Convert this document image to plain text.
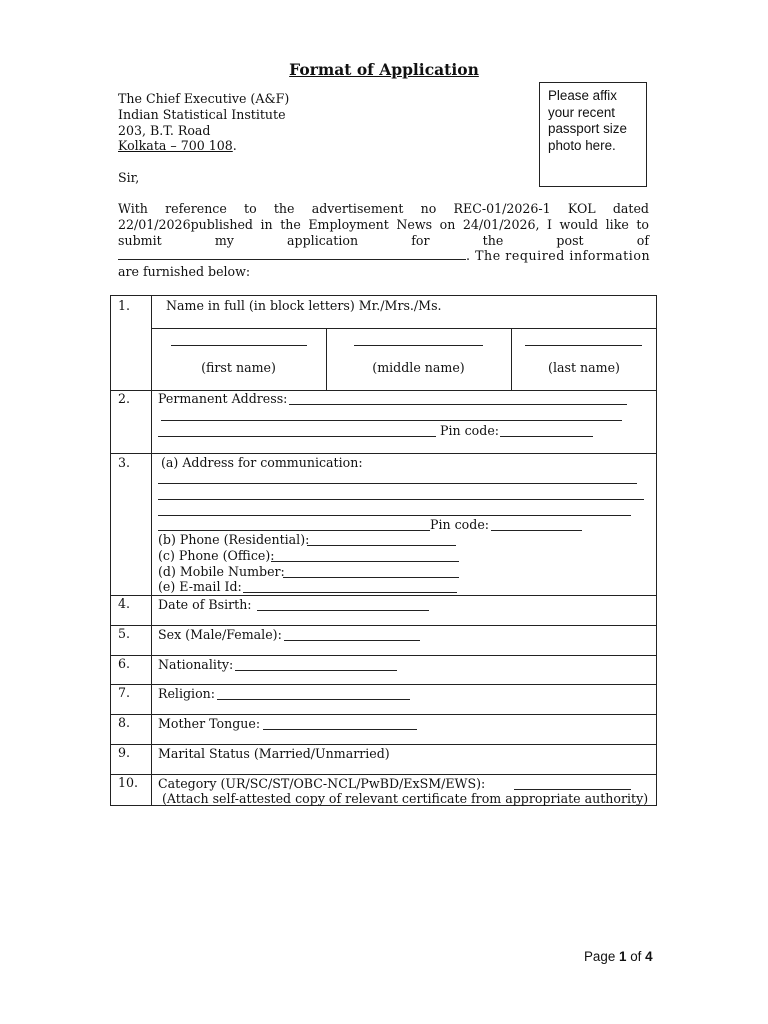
Format of Application
The Chief Executive (A&F)
Indian Statistical Institute
203, B.T. Road
Kolkata – 700 108.
Please affix
your recent
passport size
photo here.
Sir,
With reference to the advertisement no REC-01/2026-1 KOL dated
22/01/2026published in the Employment News on 24/01/2026, I would like to
submit my application for the post of
. The required information
are furnished below:
1.	Name in full (in block letters) Mr./Mrs./Ms.
(first name)	(middle name)	(last name)
2. Permanent Address:
Pin code:
3. (a) Address for communication:
Pin code:
(b) Phone (Residential):
(c) Phone (Office):
(d) Mobile Number:
(e) E-mail Id:
4. Date of Bsirth:
5. Sex (Male/Female):
6. Nationality:
7. Religion:
8. Mother Tongue:
9. Marital Status (Married/Unmarried)
10. Category (UR/SC/ST/OBC-NCL/PwBD/ExSM/EWS):
(Attach self-attested copy of relevant certificate from appropriate authority)
Page 1 of 4
